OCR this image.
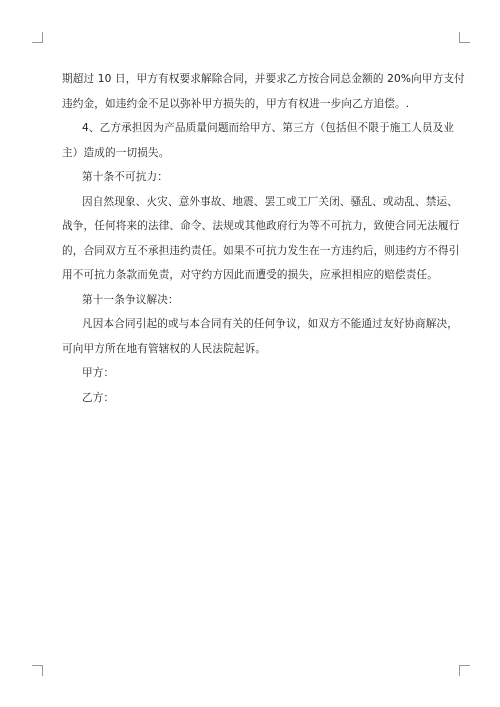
期超过 10 日，甲方有权要求解除合同，并要求乙方按合同总金额的 20%向甲方支付
违约金，如违约金不足以弥补甲方损失的，甲方有权进一步向乙方追偿。.
4、乙方承担因为产品质量问题而给甲方、第三方（包括但不限于施工人员及业
主）造成的一切损失。
第十条不可抗力：
因自然现象、火灾、意外事故、地震、罢工或工厂关闭、骚乱、或动乱、禁运、
战争，任何将来的法律、命令、法规或其他政府行为等不可抗力，致使合同无法履行
的，合同双方互不承担违约责任。如果不可抗力发生在一方违约后，则违约方不得引
用不可抗力条款而免责，对守约方因此而遭受的损失，应承担相应的赔偿责任。
第十一条争议解决：
凡因本合同引起的或与本合同有关的任何争议，如双方不能通过友好协商解决，
可向甲方所在地有管辖权的人民法院起诉。
甲方：
乙方：
